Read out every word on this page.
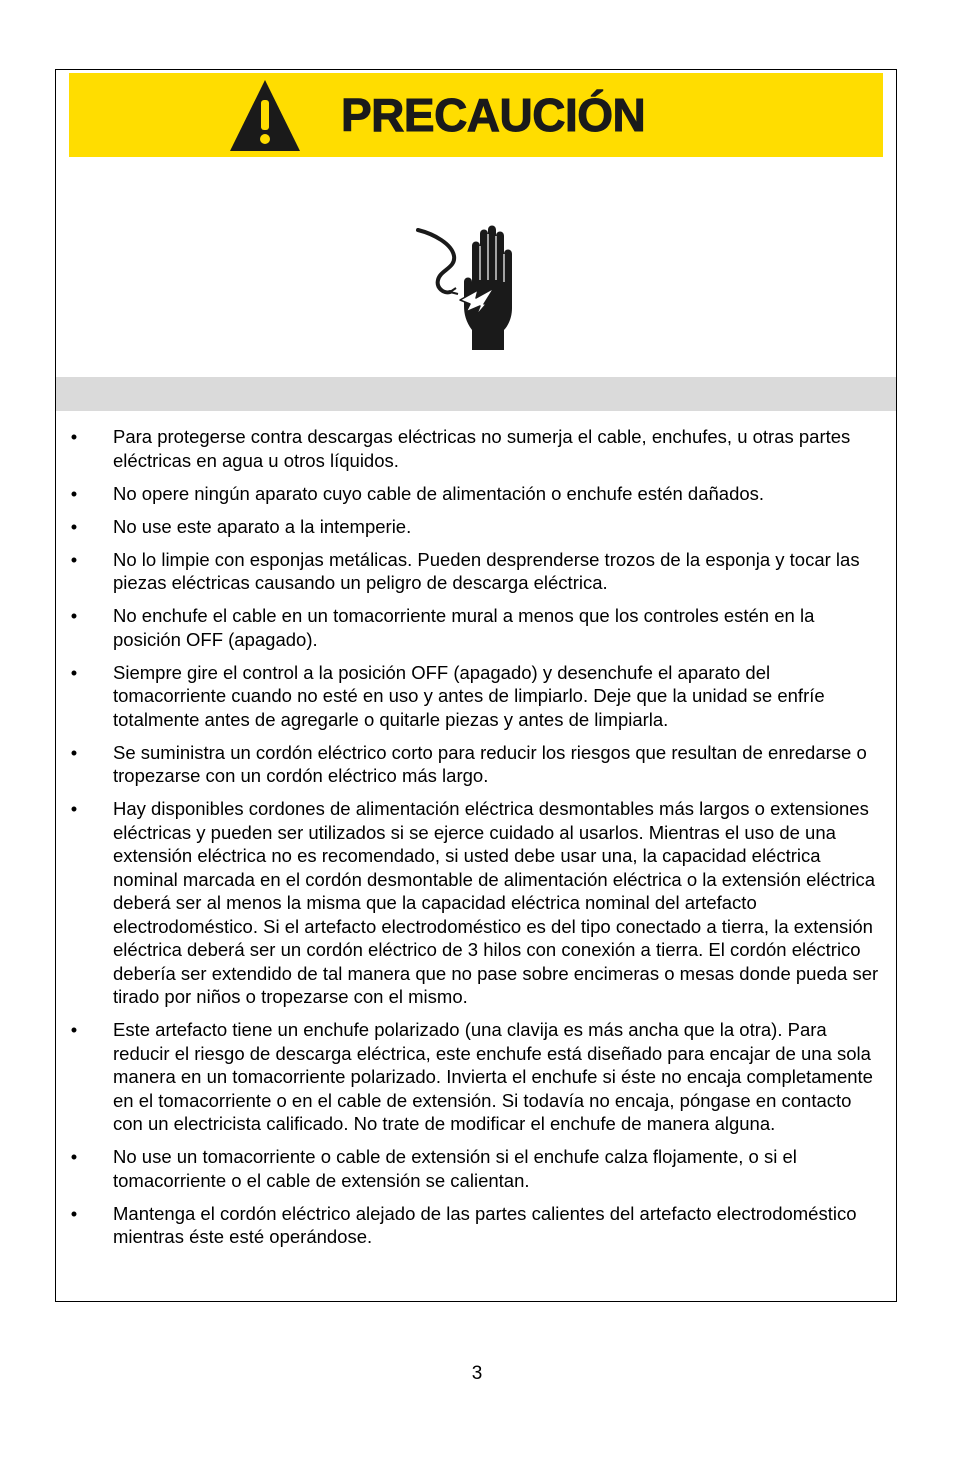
PRECAUCIÓN
• Para protegerse contra descargas eléctricas no sumerja el cable, enchufes, u otras partes eléctricas en agua u otros líquidos.
• No opere ningún aparato cuyo cable de alimentación o enchufe estén dañados.
• No use este aparato a la intemperie.
• No lo limpie con esponjas metálicas. Pueden desprenderse trozos de la esponja y tocar las piezas eléctricas causando un peligro de descarga eléctrica.
• No enchufe el cable en un tomacorriente mural a menos que los controles estén en la posición OFF (apagado).
• Siempre gire el control a la posición OFF (apagado) y desenchufe el aparato del tomacorriente cuando no esté en uso y antes de limpiarlo. Deje que la unidad se enfríe totalmente antes de agregarle o quitarle piezas y antes de limpiarla.
• Se suministra un cordón eléctrico corto para reducir los riesgos que resultan de enredarse o tropezarse con un cordón eléctrico más largo.
• Hay disponibles cordones de alimentación eléctrica desmontables más largos o extensiones eléctricas y pueden ser utilizados si se ejerce cuidado al usarlos. Mientras el uso de una extensión eléctrica no es recomendado, si usted debe usar una, la capacidad eléctrica nominal marcada en el cordón desmontable de alimentación eléctrica o la extensión eléctrica deberá ser al menos la misma que la capacidad eléctrica nominal del artefacto electrodoméstico. Si el artefacto electrodoméstico es del tipo conectado a tierra, la extensión eléctrica deberá ser un cordón eléctrico de 3 hilos con conexión a tierra. El cordón eléctrico debería ser extendido de tal manera que no pase sobre encimeras o mesas donde pueda ser tirado por niños o tropezarse con el mismo.
• Este artefacto tiene un enchufe polarizado (una clavija es más ancha que la otra). Para reducir el riesgo de descarga eléctrica, este enchufe está diseñado para encajar de una sola manera en un tomacorriente polarizado. Invierta el enchufe si éste no encaja completamente en el tomacorriente o en el cable de extensión. Si todavía no encaja, póngase en contacto con un electricista calificado. No trate de modificar el enchufe de manera alguna.
• No use un tomacorriente o cable de extensión si el enchufe calza flojamente, o si el tomacorriente o el cable de extensión se calientan.
• Mantenga el cordón eléctrico alejado de las partes calientes del artefacto electrodoméstico mientras éste esté operándose.
3
